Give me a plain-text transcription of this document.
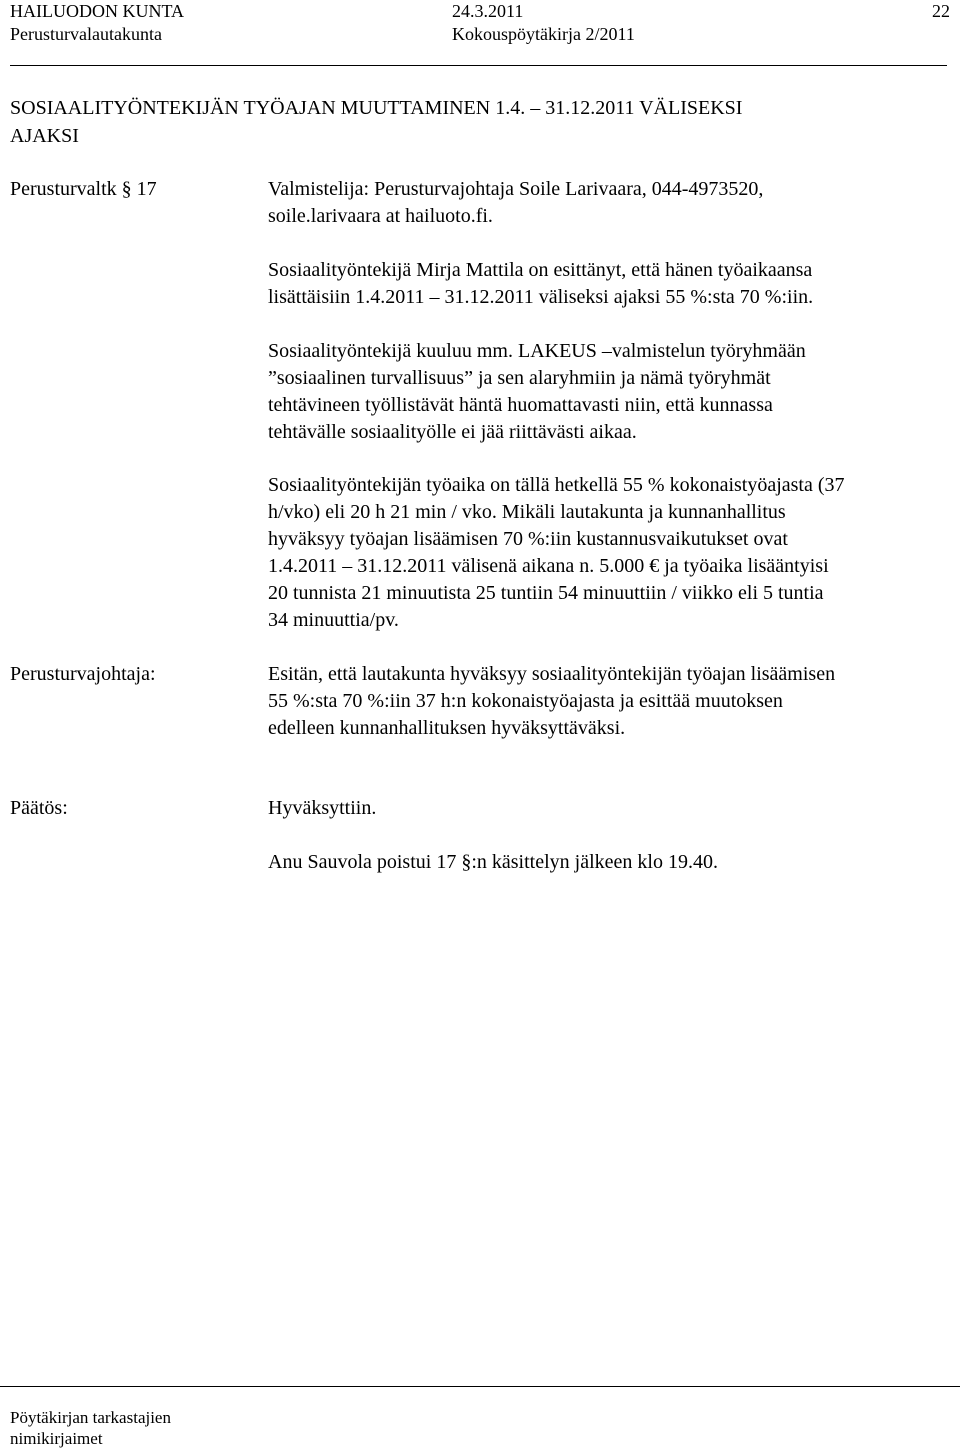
HAILUODON KUNTA	24.3.2011	22
Perusturvalautakunta	Kokouspöytäkirja 2/2011
SOSIAALITYÖNTEKIJÄN TYÖAJAN MUUTTAMINEN 1.4. – 31.12.2011 VÄLISEKSI
AJAKSI
Perusturvaltk § 17	Valmistelija: Perusturvajohtaja Soile Larivaara, 044-4973520,

soile.larivaara at hailuoto.fi.

Sosiaalityöntekijä Mirja Mattila on esittänyt, että hänen työaikaansa

lisättäisiin 1.4.2011 – 31.12.2011 väliseksi ajaksi 55 %:sta 70 %:iin.

Sosiaalityöntekijä kuuluu mm. LAKEUS –valmistelun työryhmään

”sosiaalinen turvallisuus” ja sen alaryhmiin ja nämä työryhmät

tehtävineen työllistävät häntä huomattavasti niin, että kunnassa

tehtävälle sosiaalityölle ei jää riittävästi aikaa.

Sosiaalityöntekijän työaika on tällä hetkellä 55 % kokonaistyöajasta (37

h/vko) eli 20 h 21 min / vko. Mikäli lautakunta ja kunnanhallitus

hyväksyy työajan lisäämisen 70 %:iin kustannusvaikutukset ovat

1.4.2011 – 31.12.2011 välisenä aikana n. 5.000 € ja työaika lisääntyisi

20 tunnista 21 minuutista 25 tuntiin 54 minuuttiin / viikko eli 5 tuntia

34 minuuttia/pv.

Perusturvajohtaja:	Esitän, että lautakunta hyväksyy sosiaalityöntekijän työajan lisäämisen

55 %:sta 70 %:iin 37 h:n kokonaistyöajasta ja esittää muutoksen

edelleen kunnanhallituksen hyväksyttäväksi.

Päätös:	Hyväksyttiin.

Anu Sauvola poistui 17 §:n käsittelyn jälkeen klo 19.40.

Pöytäkirjan tarkastajien
nimikirjaimet
